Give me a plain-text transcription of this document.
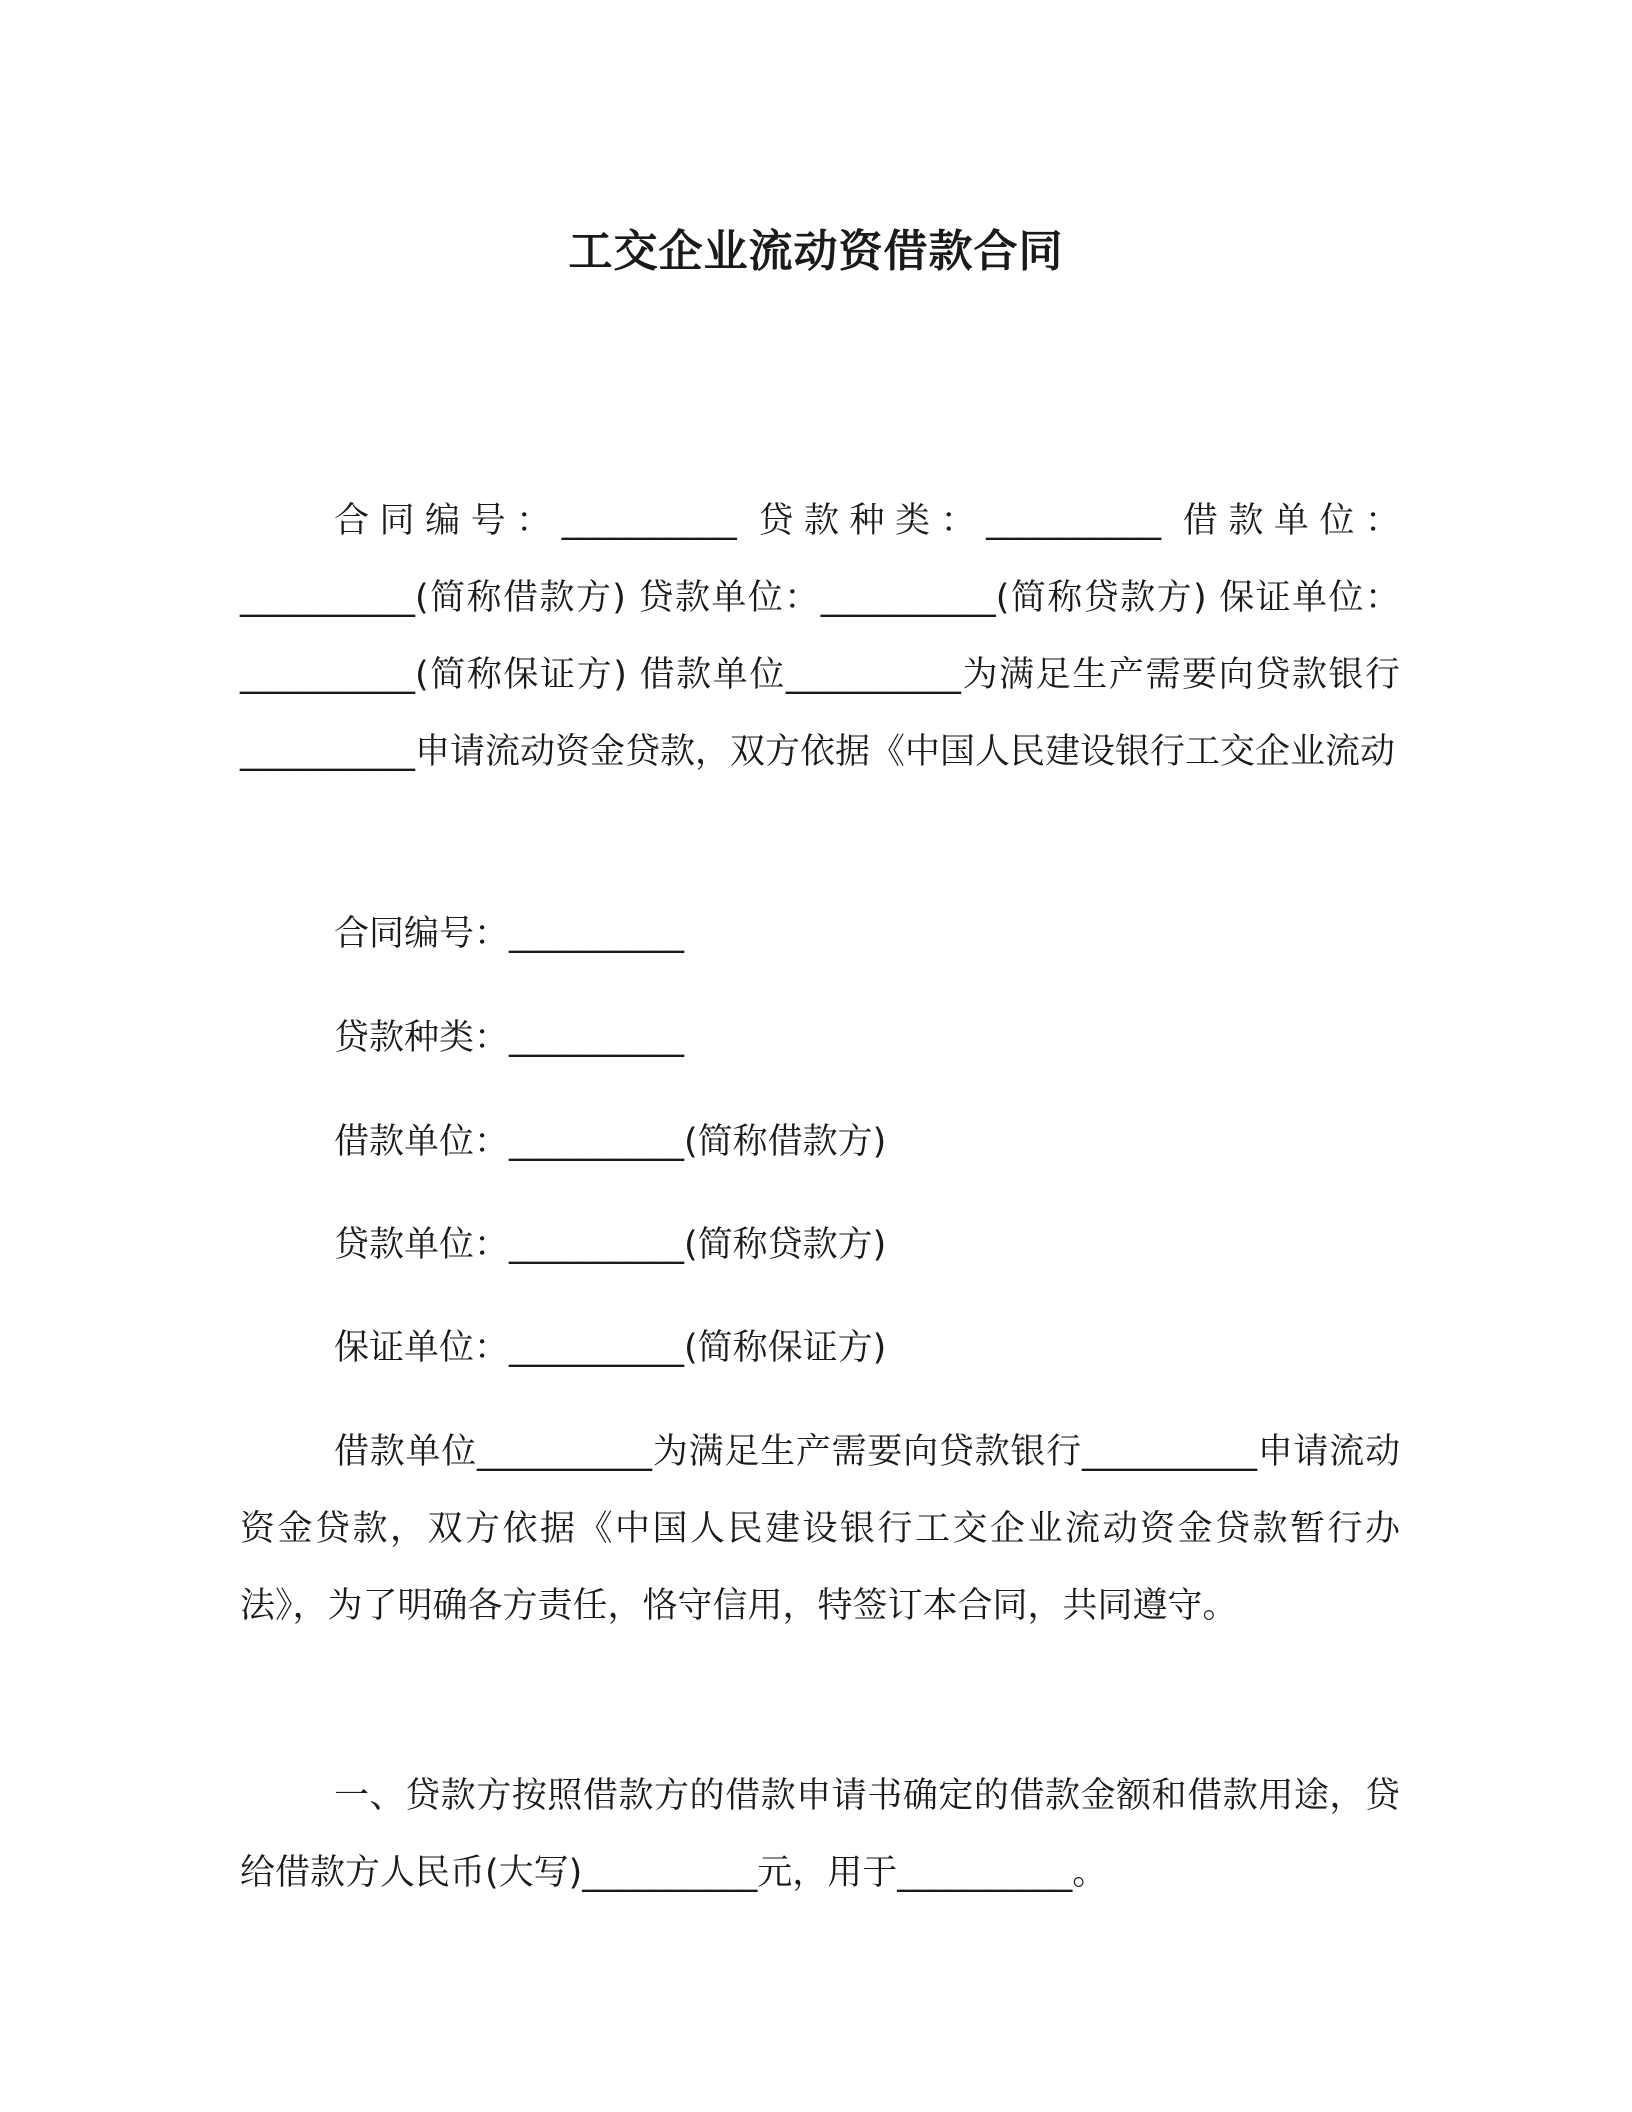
工交企业流动资借款合同

合同编号：__________ 贷款种类：__________ 借款单位：__________(简称借款方) 贷款单位：__________(简称贷款方) 保证单位：__________(简称保证方) 借款单位__________为满足生产需要向贷款银行__________申请流动资金贷款，双方依据《中国人民建设银行工交企业流动

合同编号：__________

贷款种类：__________

借款单位：__________(简称借款方)

贷款单位：__________(简称贷款方)

保证单位：__________(简称保证方)

借款单位__________为满足生产需要向贷款银行__________申请流动资金贷款，双方依据《中国人民建设银行工交企业流动资金贷款暂行办法》，为了明确各方责任，恪守信用，特签订本合同，共同遵守。

一、贷款方按照借款方的借款申请书确定的借款金额和借款用途，贷给借款方人民币(大写)__________元，用于__________。
